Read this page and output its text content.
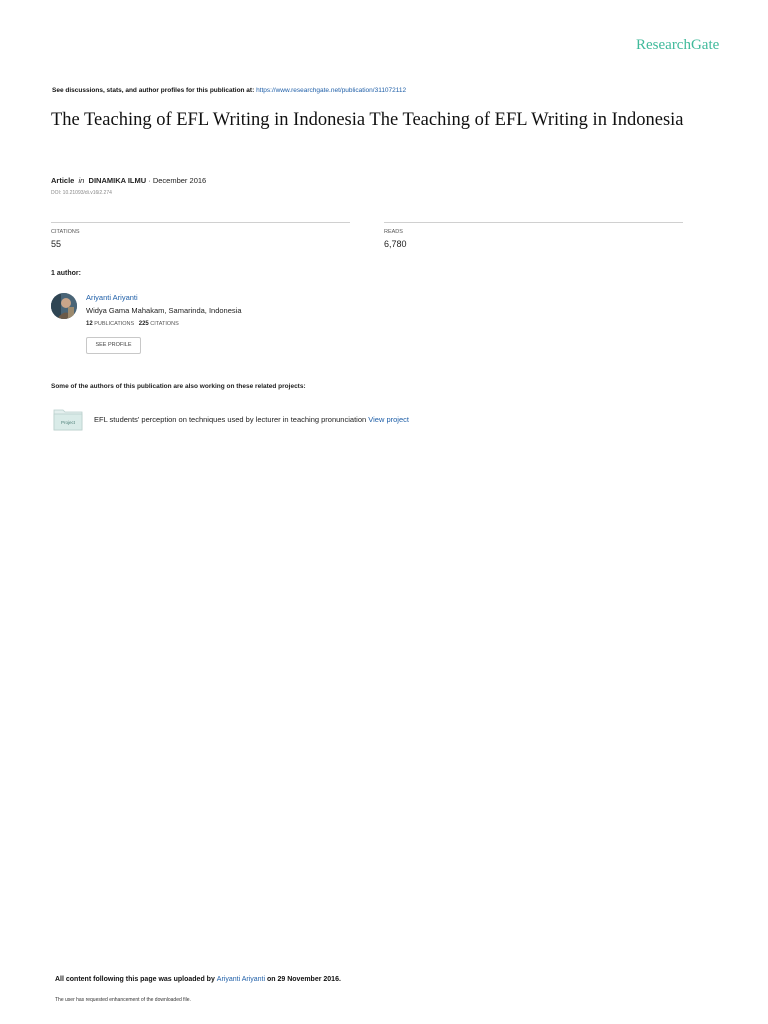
ResearchGate
See discussions, stats, and author profiles for this publication at: https://www.researchgate.net/publication/311072112
The Teaching of EFL Writing in Indonesia The Teaching of EFL Writing in Indonesia
Article in DINAMIKA ILMU · December 2016
DOI: 10.21093/di.v16i2.274
CITATIONS
55
READS
6,780
1 author:
Ariyanti Ariyanti
Widya Gama Mahakam, Samarinda, Indonesia
12 PUBLICATIONS 225 CITATIONS
SEE PROFILE
Some of the authors of this publication are also working on these related projects:
Project	EFL students' perception on techniques used by lecturer in teaching pronunciation View project
All content following this page was uploaded by Ariyanti Ariyanti on 29 November 2016.
The user has requested enhancement of the downloaded file.
